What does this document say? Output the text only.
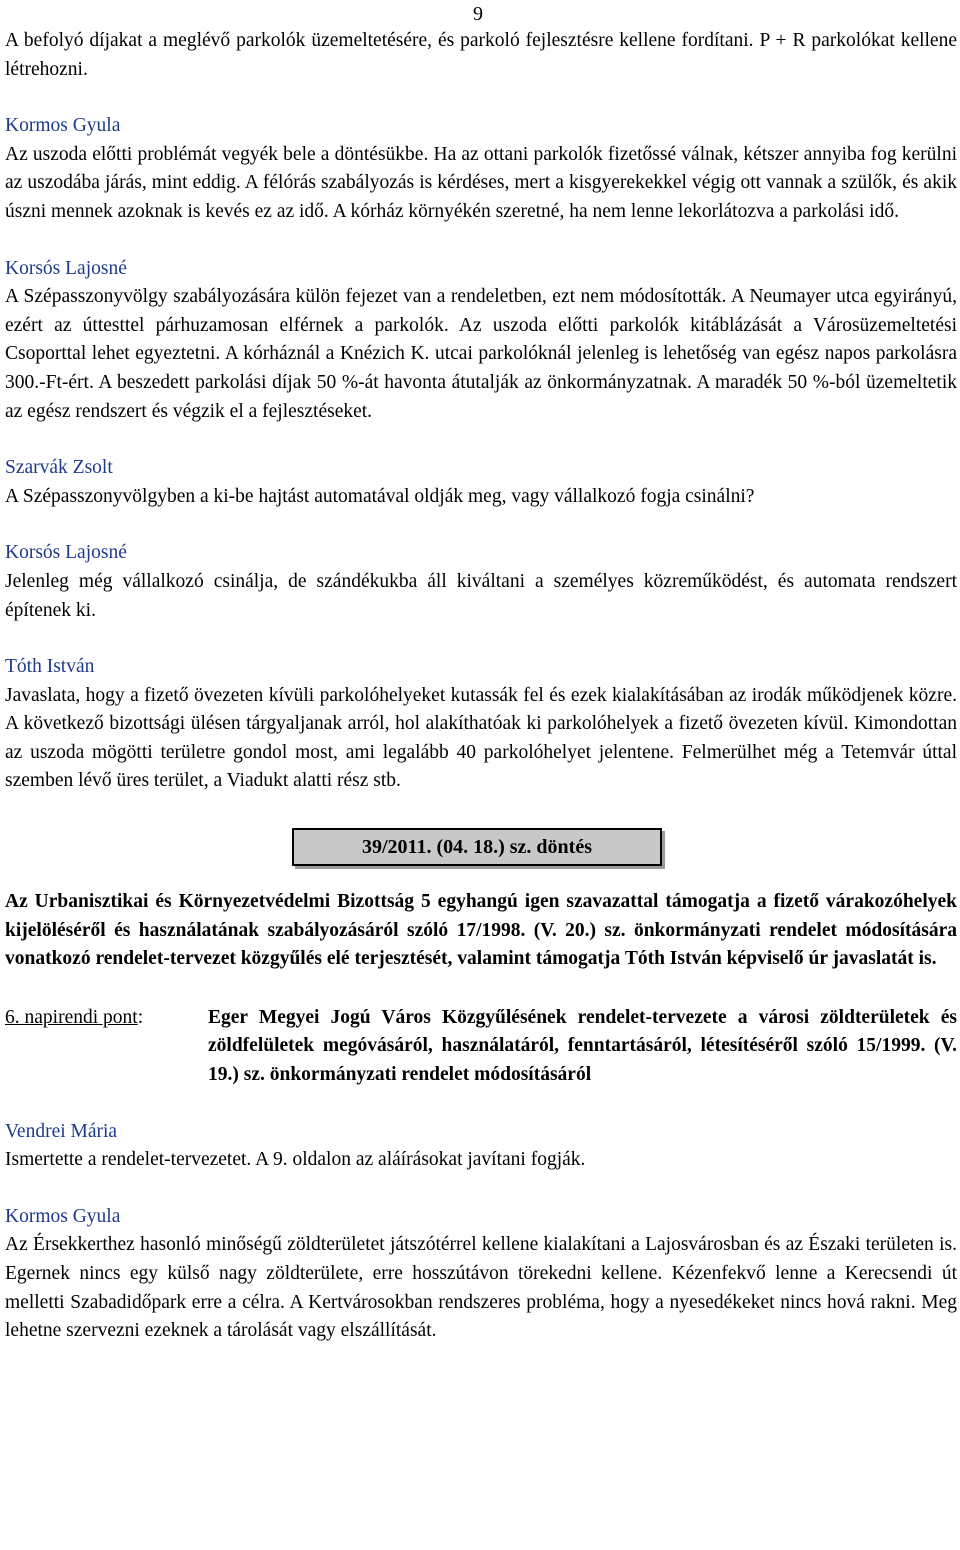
9

A befolyó díjakat a meglévő parkolók üzemeltetésére, és parkoló fejlesztésre kellene fordítani. P + R parkolókat kellene létrehozni.

Kormos Gyula

Az uszoda előtti problémát vegyék bele a döntésükbe. Ha az ottani parkolók fizetőssé válnak, kétszer annyiba fog kerülni az uszodába járás, mint eddig. A félórás szabályozás is kérdéses, mert a kisgyerekekkel végig ott vannak a szülők, és akik úszni mennek azoknak is kevés ez az idő. A kórház környékén szeretné, ha nem lenne lekorlátozva a parkolási idő.

Korsós Lajosné

A Szépasszonyvölgy szabályozására külön fejezet van a rendeletben, ezt nem módosították. A Neumayer utca egyirányú, ezért az úttesttel párhuzamosan elférnek a parkolók. Az uszoda előtti parkolók kitáblázását a Városüzemeltetési Csoporttal lehet egyeztetni. A kórháznál a Knézich K. utcai parkolóknál jelenleg is lehetőség van egész napos parkolásra 300.-Ft-ért. A beszedett parkolási díjak 50 %-át havonta átutalják az önkormányzatnak. A maradék 50 %-ból üzemeltetik az egész rendszert és végzik el a fejlesztéseket.

Szarvák Zsolt

A Szépasszonyvölgyben a ki-be hajtást automatával oldják meg, vagy vállalkozó fogja csinálni?

Korsós Lajosné

Jelenleg még vállalkozó csinálja, de szándékukba áll kiváltani a személyes közreműködést, és automata rendszert építenek ki.

Tóth István

Javaslata, hogy a fizető övezeten kívüli parkolóhelyeket kutassák fel és ezek kialakításában az irodák működjenek közre. A következő bizottsági ülésen tárgyaljanak arról, hol alakíthatóak ki parkolóhelyek a fizető övezeten kívül. Kimondottan az uszoda mögötti területre gondol most, ami legalább 40 parkolóhelyet jelentene. Felmerülhet még a Tetemvár úttal szemben lévő üres terület, a Viadukt alatti rész stb.

39/2011. (04. 18.) sz. döntés

Az Urbanisztikai és Környezetvédelmi Bizottság 5 egyhangú igen szavazattal támogatja a fizető várakozóhelyek kijelöléséről és használatának szabályozásáról szóló 17/1998. (V. 20.) sz. önkormányzati rendelet módosítására vonatkozó rendelet-tervezet közgyűlés elé terjesztését, valamint támogatja Tóth István képviselő úr javaslatát is.

6. napirendi pont:	Eger Megyei Jogú Város Közgyűlésének rendelet-tervezete a városi zöldterületek és zöldfelületek megóvásáról, használatáról, fenntartásáról, létesítéséről szóló 15/1999. (V. 19.) sz. önkormányzati rendelet módosításáról

Vendrei Mária

Ismertette a rendelet-tervezetet. A 9. oldalon az aláírásokat javítani fogják.

Kormos Gyula

Az Érsekkerthez hasonló minőségű zöldterületet játszótérrel kellene kialakítani a Lajosvárosban és az Északi területen is. Egernek nincs egy külső nagy zöldterülete, erre hosszútávon törekedni kellene. Kézenfekvő lenne a Kerecsendi út melletti Szabadidőpark erre a célra. A Kertvárosokban rendszeres probléma, hogy a nyesedékeket nincs hová rakni. Meg lehetne szervezni ezeknek a tárolását vagy elszállítását.
